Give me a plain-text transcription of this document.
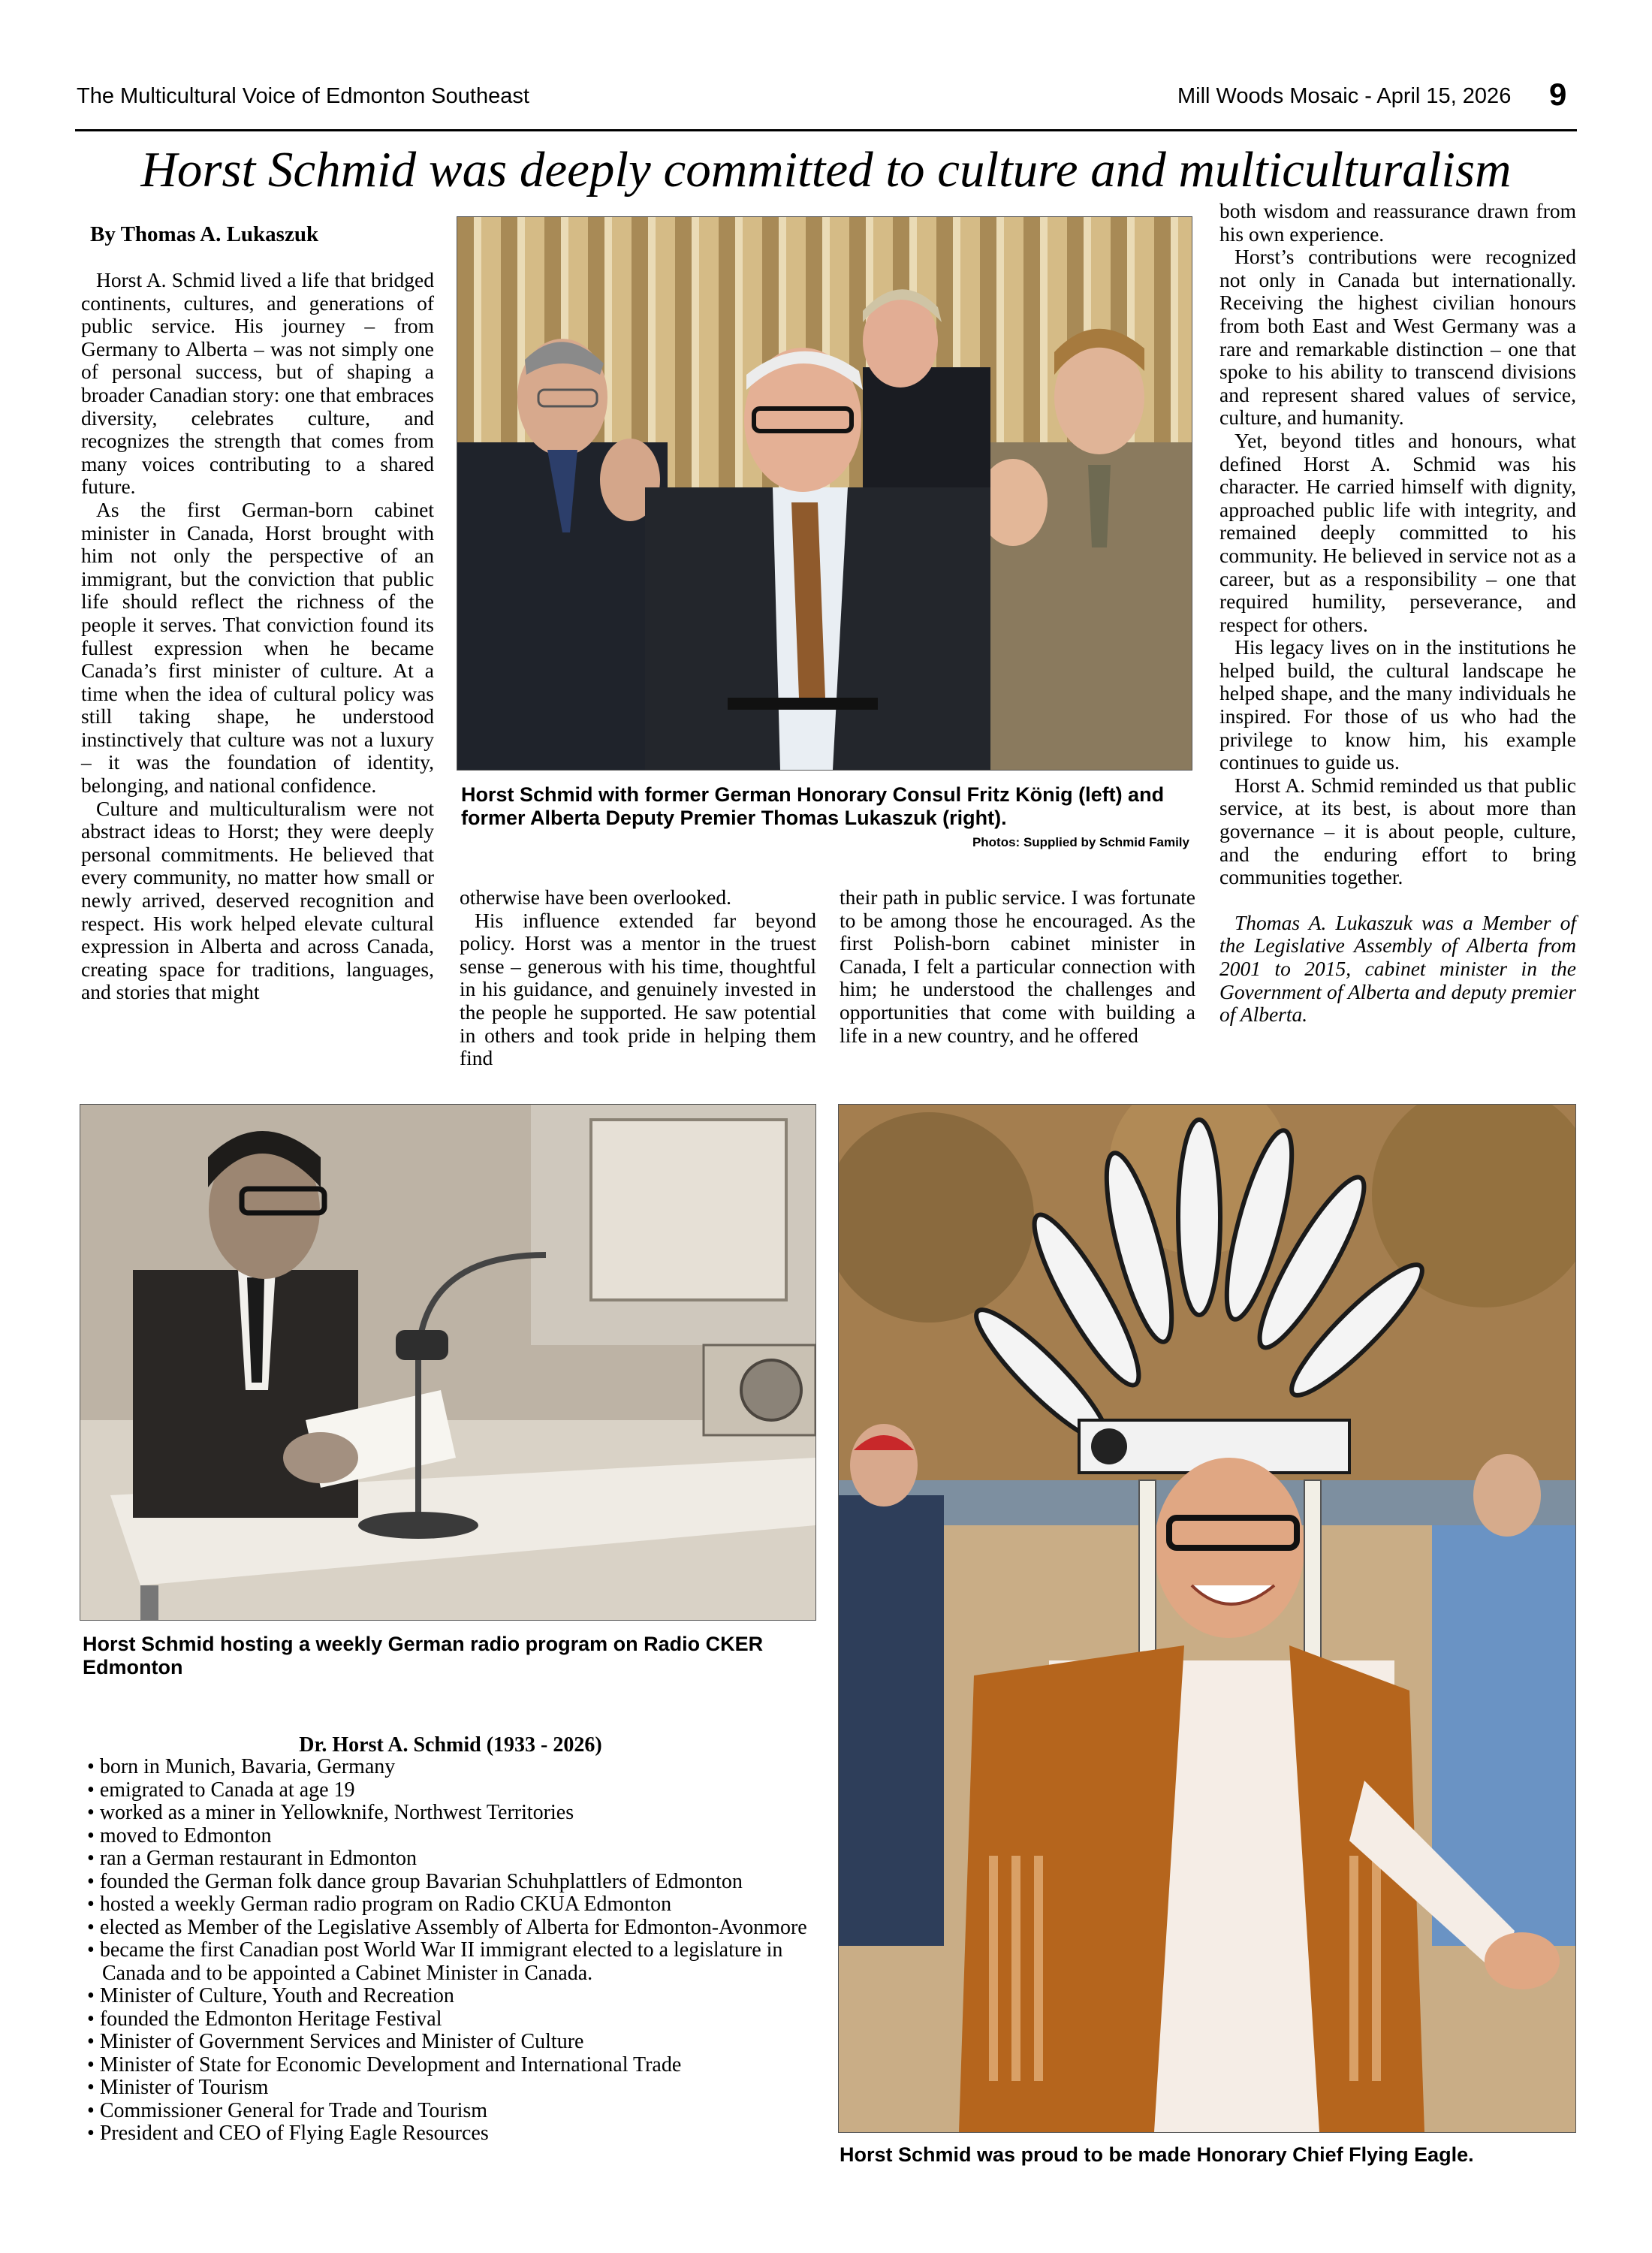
The Multicultural Voice of Edmonton Southeast	Mill Woods Mosaic - April 15, 2026 9
Horst Schmid was deeply committed to culture and multiculturalism
By Thomas A. Lukaszuk

Horst A. Schmid lived a life that bridged continents, cultures, and generations of public service. His journey – from Germany to Alberta – was not simply one of personal success, but of shaping a broader Canadian story: one that embraces diversity, celebrates culture, and recognizes the strength that comes from many voices contributing to a shared future.

As the first German-born cabinet minister in Canada, Horst brought with him not only the perspective of an immigrant, but the conviction that public life should reflect the richness of the people it serves. That conviction found its fullest expression when he became Canada’s first minister of culture. At a time when the idea of cultural policy was still taking shape, he understood instinctively that culture was not a luxury – it was the foundation of identity, belonging, and national confidence.

Culture and multiculturalism were not abstract ideas to Horst; they were deeply personal commitments. He believed that every community, no matter how small or newly arrived, deserved recognition and respect. His work helped elevate cultural expression in Alberta and across Canada, creating space for traditions, languages, and stories that might

Horst Schmid with former German Honorary Consul Fritz König (left) and former Alberta Deputy Premier Thomas Lukaszuk (right).
Photos: Supplied by Schmid Family

otherwise have been overlooked.

His influence extended far beyond policy. Horst was a mentor in the truest sense – generous with his time, thoughtful in his guidance, and genuinely invested in the people he supported. He saw potential in others and took pride in helping them find

their path in public service. I was fortunate to be among those he encouraged. As the first Polish-born cabinet minister in Canada, I felt a particular connection with him; he understood the challenges and opportunities that come with building a life in a new country, and he offered

both wisdom and reassurance drawn from his own experience.

Horst’s contributions were recognized not only in Canada but internationally. Receiving the highest civilian honours from both East and West Germany was a rare and remarkable distinction – one that spoke to his ability to transcend divisions and represent shared values of service, culture, and humanity.

Yet, beyond titles and honours, what defined Horst A. Schmid was his character. He carried himself with dignity, approached public life with integrity, and remained deeply committed to his community. He believed in service not as a career, but as a responsibility – one that required humility, perseverance, and respect for others.

His legacy lives on in the institutions he helped build, the cultural landscape he helped shape, and the many individuals he inspired. For those of us who had the privilege to know him, his example continues to guide us.

Horst A. Schmid reminded us that public service, at its best, is about more than governance – it is about people, culture, and the enduring effort to bring communities together.

Thomas A. Lukaszuk was a Member of the Legislative Assembly of Alberta from 2001 to 2015, cabinet minister in the Government of Alberta and deputy premier of Alberta.

Horst Schmid hosting a weekly German radio program on Radio CKER Edmonton
Dr. Horst A. Schmid (1933 - 2026)
• born in Munich, Bavaria, Germany
• emigrated to Canada at age 19
• worked as a miner in Yellowknife, Northwest Territories
• moved to Edmonton
• ran a German restaurant in Edmonton
• founded the German folk dance group Bavarian Schuhplattlers of Edmonton
• hosted a weekly German radio program on Radio CKUA Edmonton
• elected as Member of the Legislative Assembly of Alberta for Edmonton-Avonmore
• became the first Canadian post World War II immigrant elected to a legislature in Canada and to be appointed a Cabinet Minister in Canada.
• Minister of Culture, Youth and Recreation
• founded the Edmonton Heritage Festival
• Minister of Government Services and Minister of Culture
• Minister of State for Economic Development and International Trade
• Minister of Tourism
• Commissioner General for Trade and Tourism
• President and CEO of Flying Eagle Resources
Horst Schmid was proud to be made Honorary Chief Flying Eagle.
